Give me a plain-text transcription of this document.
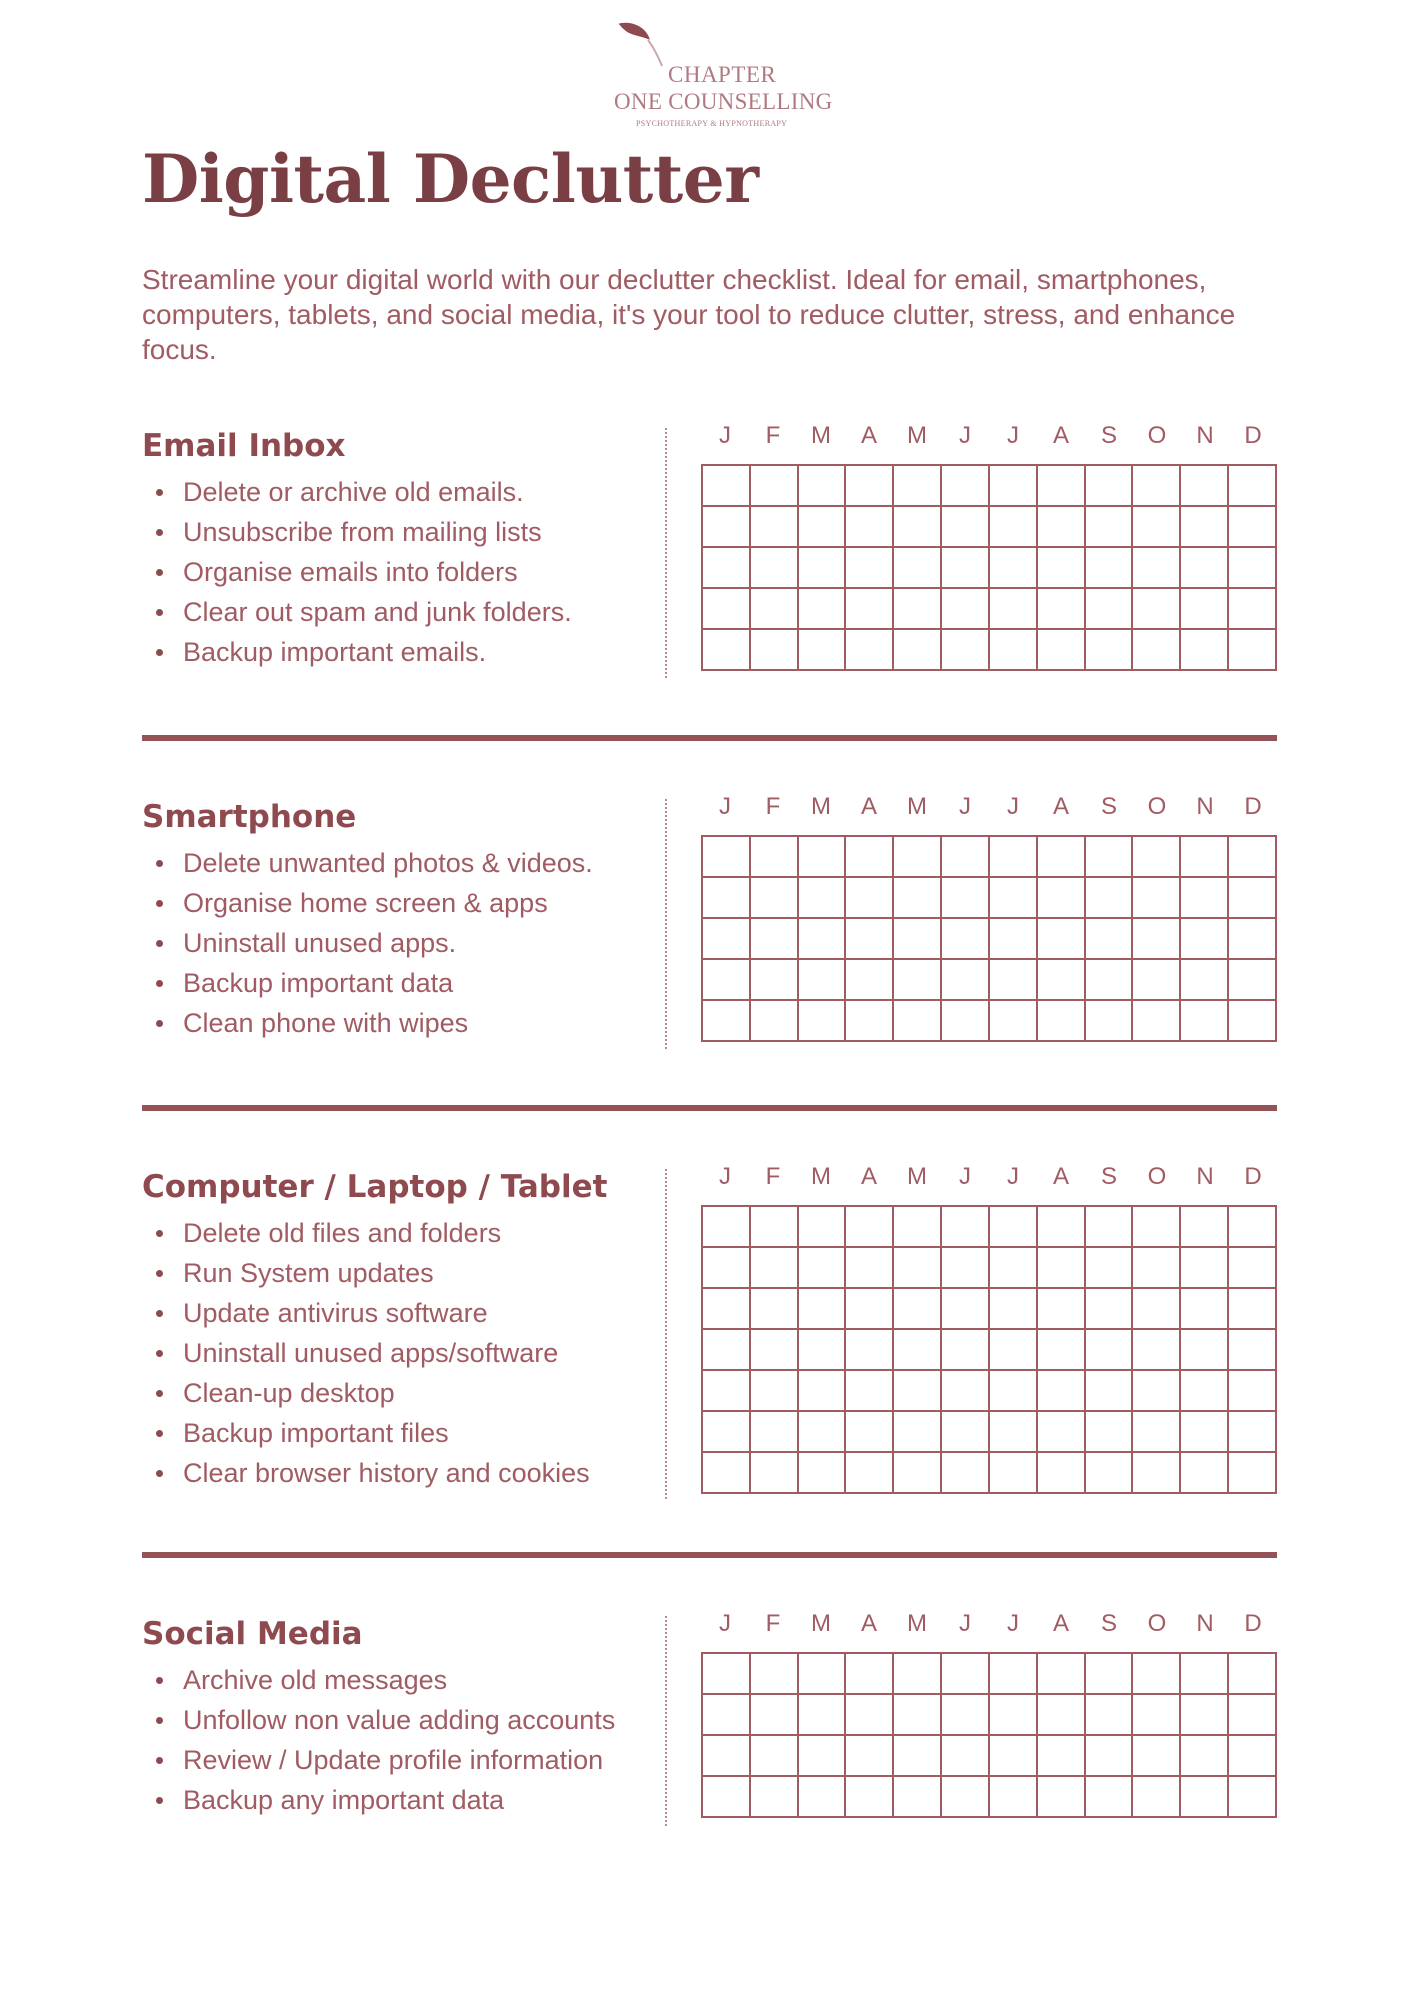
CHAPTER
ONE COUNSELLING
PSYCHOTHERAPY & HYPNOTHERAPY
Digital Declutter

Streamline your digital world with our declutter checklist. Ideal for email, smartphones, computers, tablets, and social media, it's your tool to reduce clutter, stress, and enhance focus.

Email Inbox
Delete or archive old emails.
Unsubscribe from mailing lists
Organise emails into folders
Clear out spam and junk folders.
Backup important emails.
J	F	M	A	M	J	J	A	S	O	N	D

Smartphone
Delete unwanted photos & videos.
Organise home screen & apps
Uninstall unused apps.
Backup important data
Clean phone with wipes
J	F	M	A	M	J	J	A	S	O	N	D

Computer / Laptop / Tablet
Delete old files and folders
Run System updates
Update antivirus software
Uninstall unused apps/software
Clean-up desktop
Backup important files
Clear browser history and cookies
J	F	M	A	M	J	J	A	S	O	N	D

Social Media
Archive old messages
Unfollow non value adding accounts
Review / Update profile information
Backup any important data
J	F	M	A	M	J	J	A	S	O	N	D
